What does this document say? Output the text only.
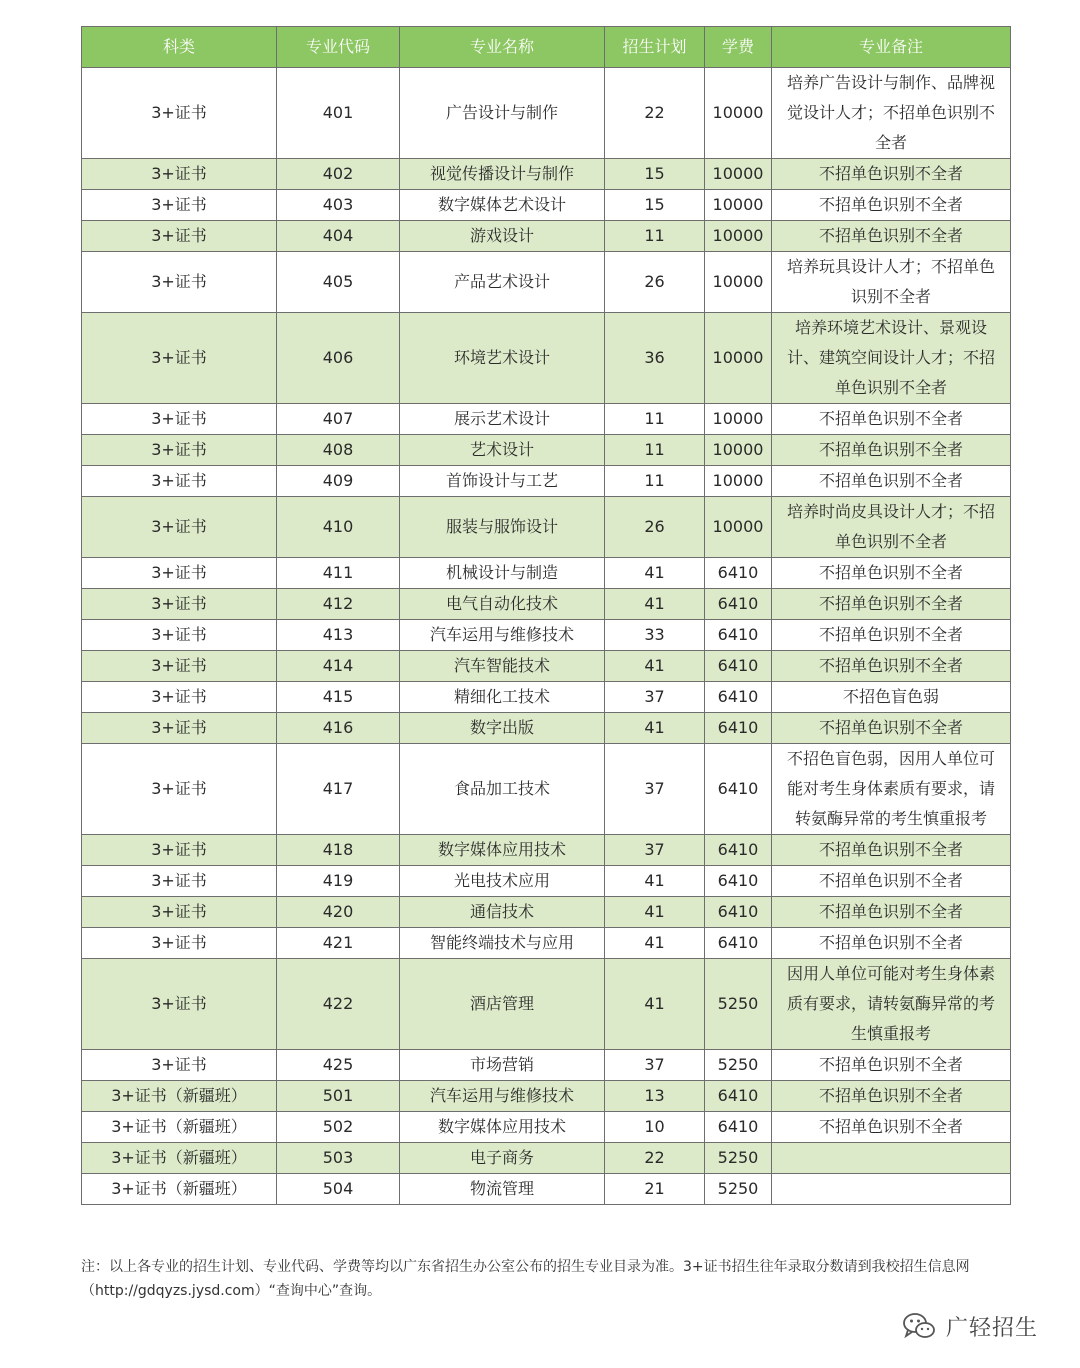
科类	专业代码	专业名称	招生计划	学费	专业备注
3+证书	401	广告设计与制作	22	10000	培养广告设计与制作、品牌视觉设计人才；不招单色识别不全者
3+证书	402	视觉传播设计与制作	15	10000	不招单色识别不全者
3+证书	403	数字媒体艺术设计	15	10000	不招单色识别不全者
3+证书	404	游戏设计	11	10000	不招单色识别不全者
3+证书	405	产品艺术设计	26	10000	培养玩具设计人才；不招单色识别不全者
3+证书	406	环境艺术设计	36	10000	培养环境艺术设计、景观设计、建筑空间设计人才；不招单色识别不全者
3+证书	407	展示艺术设计	11	10000	不招单色识别不全者
3+证书	408	艺术设计	11	10000	不招单色识别不全者
3+证书	409	首饰设计与工艺	11	10000	不招单色识别不全者
3+证书	410	服装与服饰设计	26	10000	培养时尚皮具设计人才；不招单色识别不全者
3+证书	411	机械设计与制造	41	6410	不招单色识别不全者
3+证书	412	电气自动化技术	41	6410	不招单色识别不全者
3+证书	413	汽车运用与维修技术	33	6410	不招单色识别不全者
3+证书	414	汽车智能技术	41	6410	不招单色识别不全者
3+证书	415	精细化工技术	37	6410	不招色盲色弱
3+证书	416	数字出版	41	6410	不招单色识别不全者
3+证书	417	食品加工技术	37	6410	不招色盲色弱，因用人单位可能对考生身体素质有要求，请转氨酶异常的考生慎重报考
3+证书	418	数字媒体应用技术	37	6410	不招单色识别不全者
3+证书	419	光电技术应用	41	6410	不招单色识别不全者
3+证书	420	通信技术	41	6410	不招单色识别不全者
3+证书	421	智能终端技术与应用	41	6410	不招单色识别不全者
3+证书	422	酒店管理	41	5250	因用人单位可能对考生身体素质有要求，请转氨酶异常的考生慎重报考
3+证书	425	市场营销	37	5250	不招单色识别不全者
3+证书（新疆班）	501	汽车运用与维修技术	13	6410	不招单色识别不全者
3+证书（新疆班）	502	数字媒体应用技术	10	6410	不招单色识别不全者
3+证书（新疆班）	503	电子商务	22	5250	
3+证书（新疆班）	504	物流管理	21	5250	
注：以上各专业的招生计划、专业代码、学费等均以广东省招生办公室公布的招生专业目录为准。3+证书招生往年录取分数请到我校招生信息网（http://gdqyzs.jysd.com）“查询中心”查询。
广轻招生
